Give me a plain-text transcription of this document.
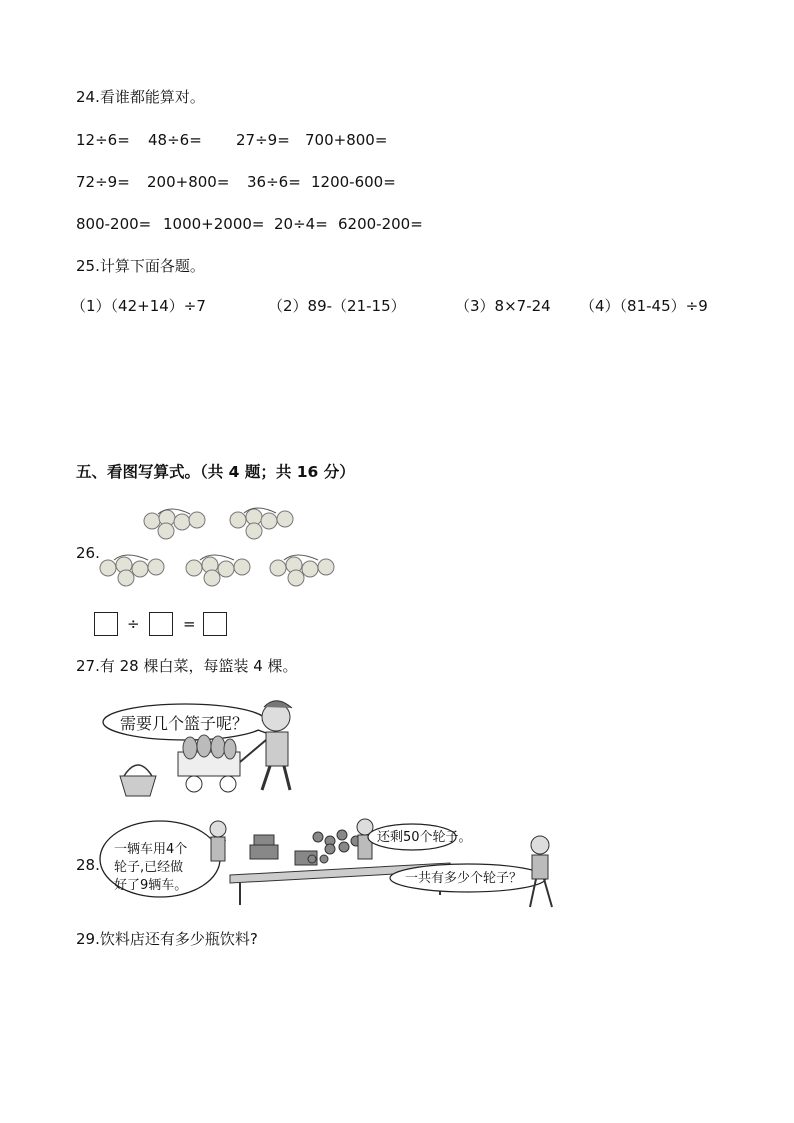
24.看谁都能算对。
12÷6= 48÷6= 27÷9= 700+800=
72÷9= 200+800= 36÷6= 1200-600=
800-200= 1000+2000= 20÷4= 6200-200=
25.计算下面各题。
（1）（42+14）÷7	（2）89-（21-15）	（3）8×7-24 （4）（81-45）÷9
五、看图写算式。（共 4 题；共 16 分）
26.
÷	=
27.有 28 棵白菜，每篮装 4 棵。
需要几个篮子呢？
28.
一辆车用4个
轮子,已经做
好了9辆车。
还剩50个轮子。
一共有多少个轮子？
29.饮料店还有多少瓶饮料?
